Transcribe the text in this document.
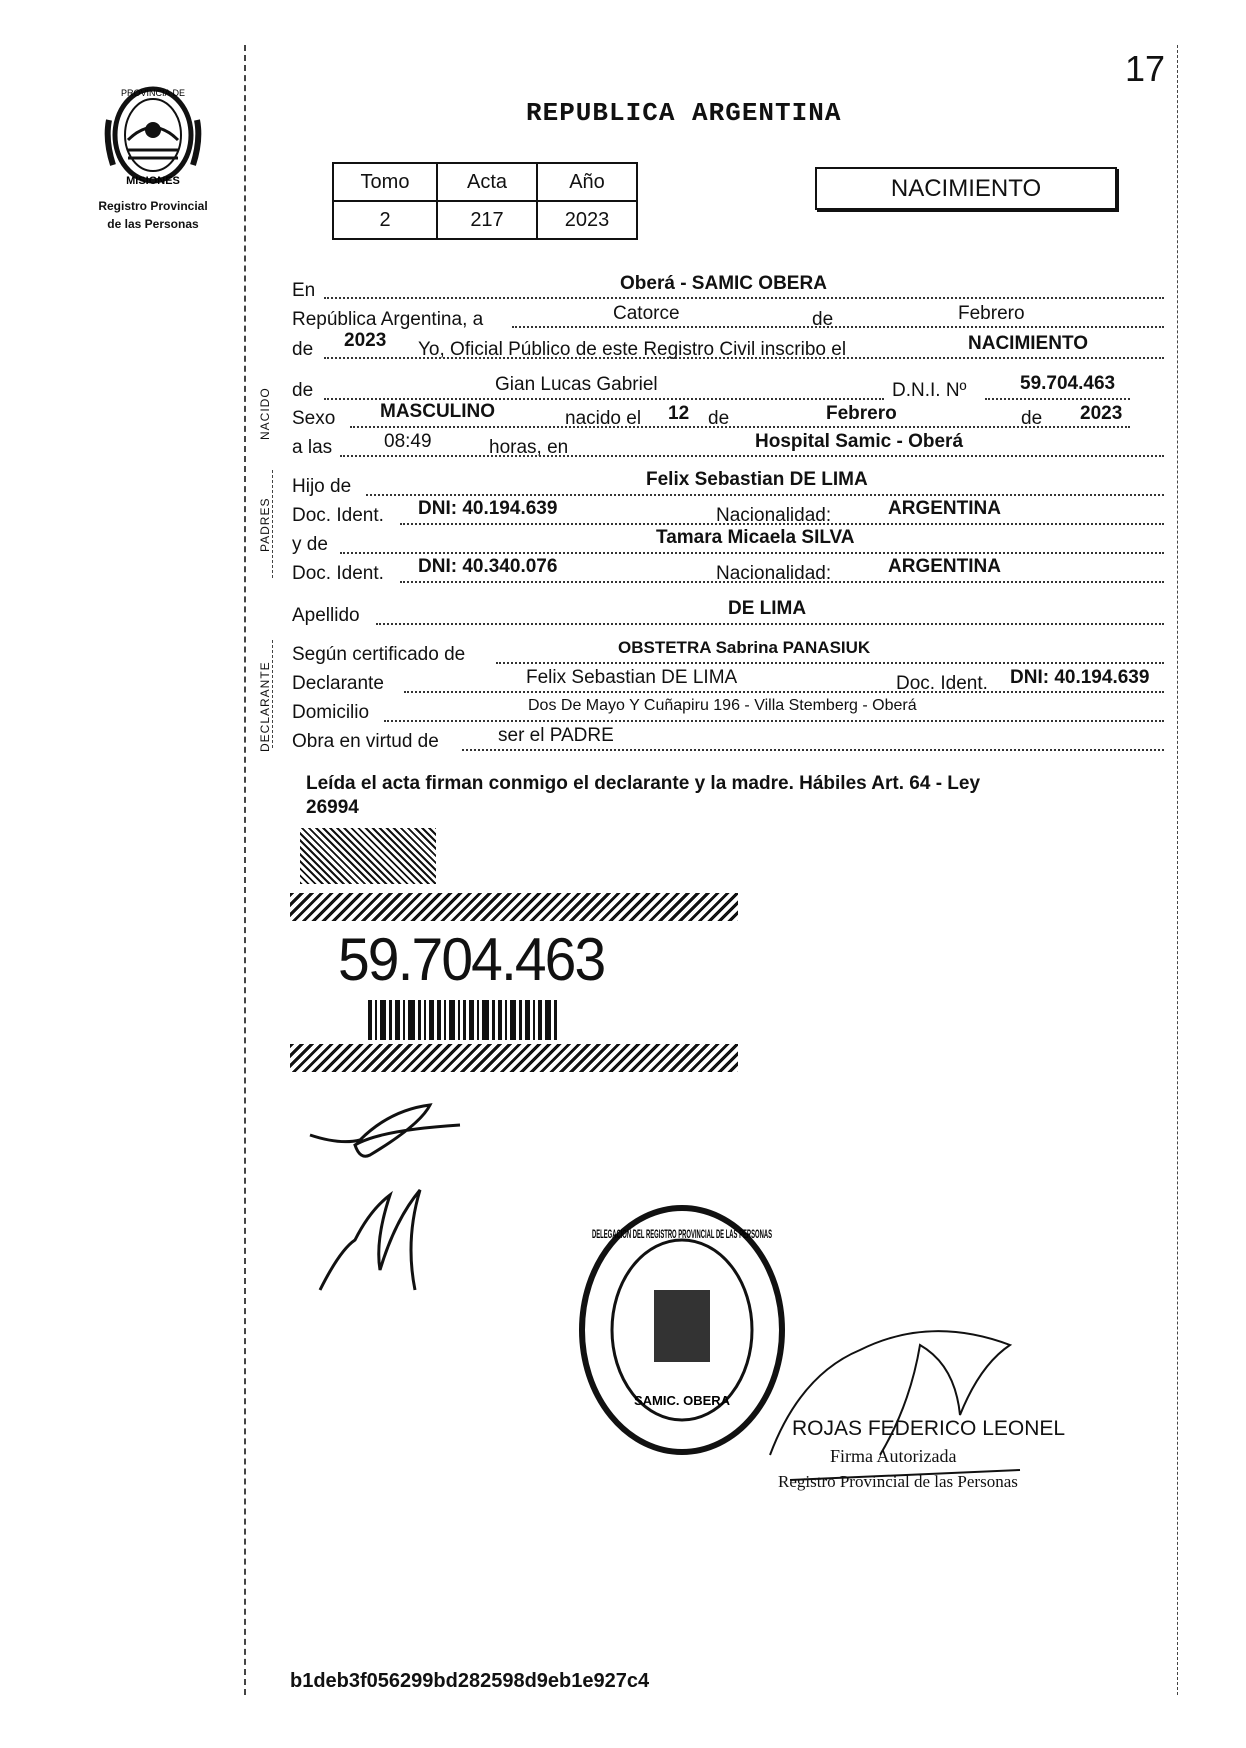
17
PROVINCIA DE
MISIONES
Registro Provincial
de las Personas
REPUBLICA ARGENTINA
Tomo	Acta	Año
2	217	2023
NACIMIENTO
NACIDO
PADRES
DECLARANTE
En	Oberá - SAMIC OBERA
República Argentina, a	Catorce	de	Febrero
de 2023 Yo, Oficial Público de este Registro Civil inscribo el	NACIMIENTO
de	Gian Lucas Gabriel	D.N.I. Nº	59.704.463
Sexo MASCULINO	nacido el 12 de	Febrero	de 2023
a las	08:49	horas, en	Hospital Samic - Oberá
Hijo de	Felix Sebastian DE LIMA
Doc. Ident. DNI: 40.194.639	Nacionalidad:	ARGENTINA
y de	Tamara Micaela SILVA
Doc. Ident. DNI: 40.340.076	Nacionalidad:	ARGENTINA
Apellido	DE LIMA
Según certificado de	OBSTETRA Sabrina PANASIUK
Declarante	Felix Sebastian DE LIMA	Doc. Ident. DNI: 40.194.639
Domicilio	Dos De Mayo Y Cuñapiru 196 - Villa Stemberg - Oberá
Obra en virtud de	ser el PADRE
Leída el acta firman conmigo el declarante y la madre. Hábiles Art. 64 - Ley
26994
59.704.463
DELEGACION DEL REGISTRO PROVINCIAL DE LAS PERSONAS
SAMIC. OBERA
ROJAS FEDERICO LEONEL
Firma Autorizada
Registro Provincial de las Personas
b1deb3f056299bd282598d9eb1e927c4
